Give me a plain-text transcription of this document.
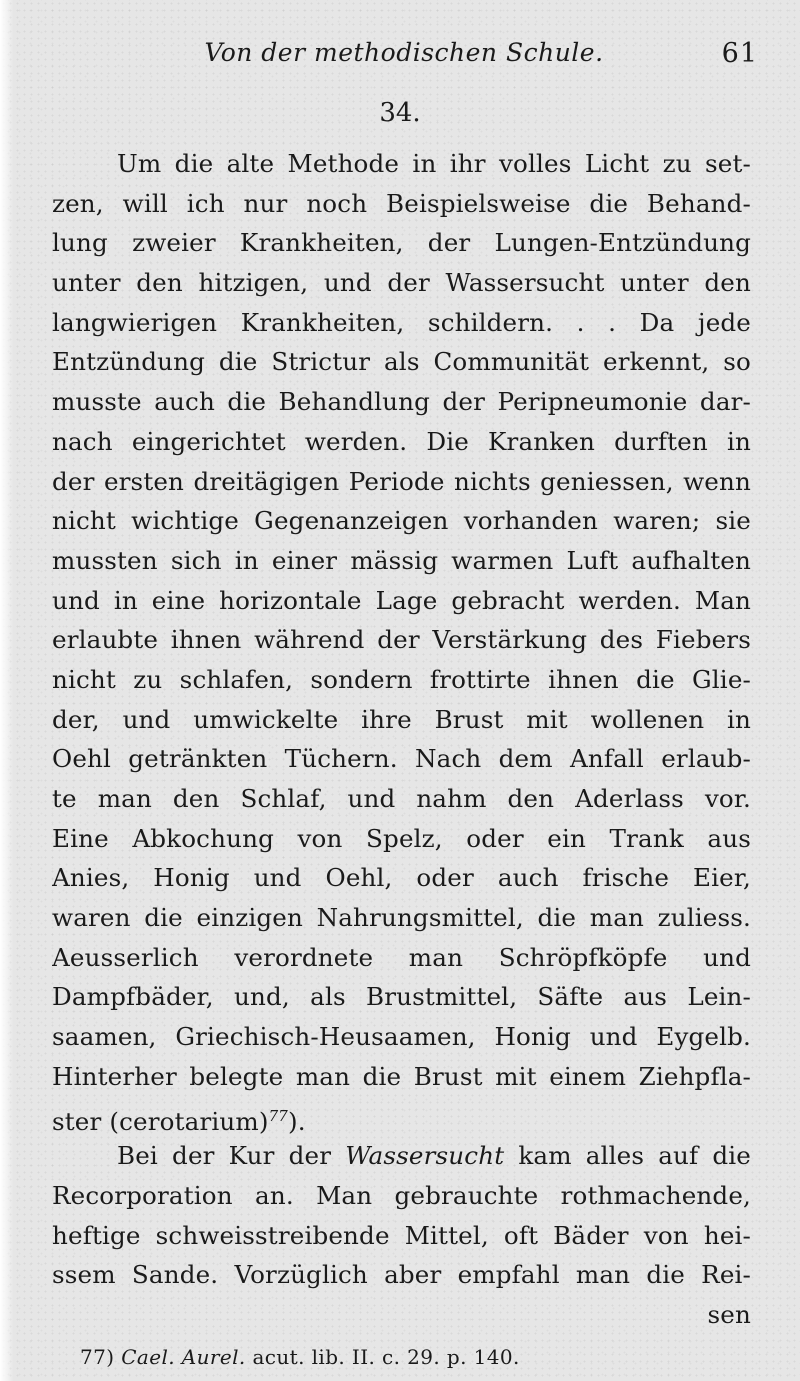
Von der methodischen Schule.	61
34.
Um die alte Methode in ihr volles Licht zu set-
zen, will ich nur noch Beispielsweise die Behand-
lung zweier Krankheiten, der Lungen-Entzündung
unter den hitzigen, und der Wassersucht unter den
langwierigen Krankheiten, schildern. . . Da jede
Entzündung die Strictur als Communität erkennt, so
musste auch die Behandlung der Peripneumonie dar-
nach eingerichtet werden. Die Kranken durften in
der ersten dreitägigen Periode nichts geniessen, wenn
nicht wichtige Gegenanzeigen vorhanden waren; sie
mussten sich in einer mässig warmen Luft aufhalten
und in eine horizontale Lage gebracht werden. Man
erlaubte ihnen während der Verstärkung des Fiebers
nicht zu schlafen, sondern frottirte ihnen die Glie-
der, und umwickelte ihre Brust mit wollenen in
Oehl getränkten Tüchern. Nach dem Anfall erlaub-
te man den Schlaf, und nahm den Aderlass vor.
Eine Abkochung von Spelz, oder ein Trank aus
Anies, Honig und Oehl, oder auch frische Eier,
waren die einzigen Nahrungsmittel, die man zuliess.
Aeusserlich verordnete man Schröpfköpfe und
Dampfbäder, und, als Brustmittel, Säfte aus Lein-
saamen, Griechisch-Heusaamen, Honig und Eygelb.
Hinterher belegte man die Brust mit einem Ziehpfla-
ster (cerotarium)$^{77}$).
Bei der Kur der Wassersucht kam alles auf die
Recorporation an. Man gebrauchte rothmachende,
heftige schweisstreibende Mittel, oft Bäder von hei-
ssem Sande. Vorzüglich aber empfahl man die Rei-
sen
77) Cael. Aurel. acut. lib. II. c. 29. p. 140.
